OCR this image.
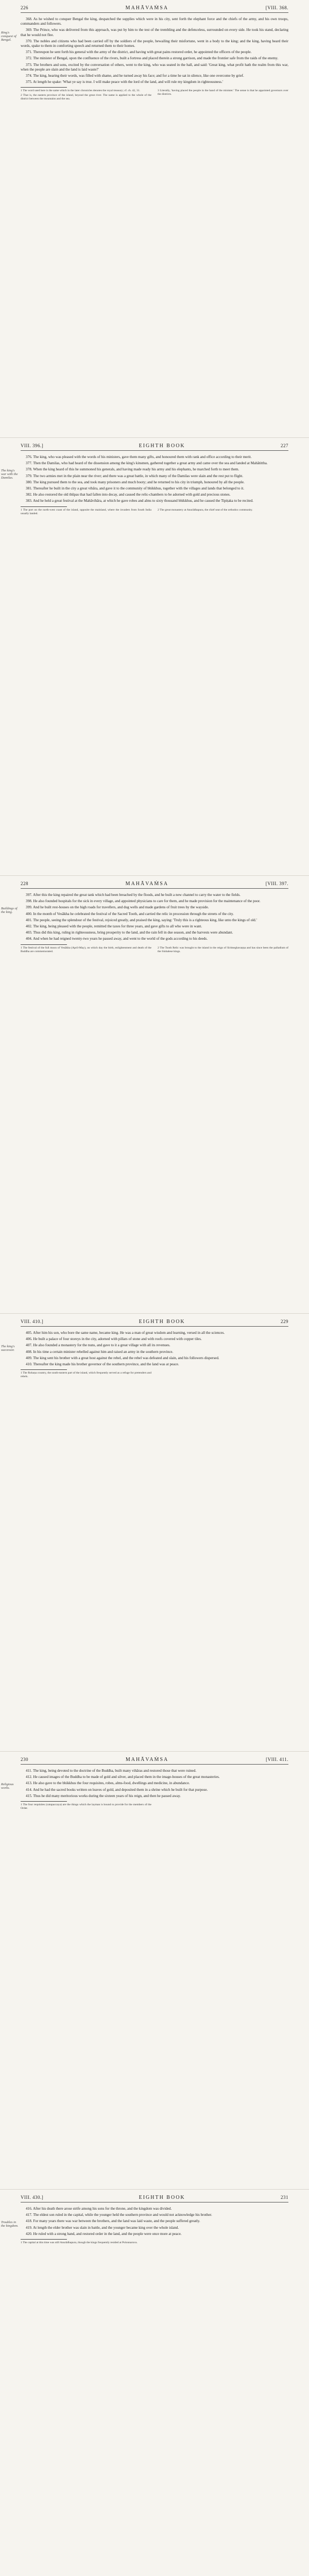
226	MAHĀVAṀSA	[VIII. 368.
Ring's conquest of Bengal.

368. As he wished to conquer Bengal the king, despatched the supplies which were in his city, sent forth the elephant force and the chiefs of the army, and his own troops, commanders and followers.

369. The Prince, who was delivered from this approach, was put by him to the test of the trembling and the defenceless, surrounded on every side. He took his stand, declaring that he would not flee.

370. The nobles and citizens who had been carried off by the soldiers of the people, bewailing their misfortune, went in a body to the king; and the king, having heard their words, spake to them in comforting speech and returned them to their homes.

371. Thereupon he sent forth his general with the army of the district, and having with great pains restored order, he appointed the officers of the people.

372. The minister of Bengal, upon the confluence of the rivers, built a fortress and placed therein a strong garrison, and made the frontier safe from the raids of the enemy.

373. The brothers and sons, excited by the conversation of others, went to the king, who was seated in the hall, and said: 'Great king, what profit hath the realm from this war, when the people are slain and the land is laid waste?'

374. The king, hearing their words, was filled with shame, and he turned away his face; and for a time he sat in silence, like one overcome by grief.

375. At length he spake: 'What ye say is true. I will make peace with the lord of the land, and will rule my kingdom in righteousness.'

1 The word used here is the same which in the later chronicles denotes the royal treasury; cf. ch. 42, 31.

2 That is, the eastern province of the island, beyond the great river. The name is applied to the whole of the district between the mountains and the sea.

3 Literally, 'having placed the people in the hand of the minister.' The sense is that he appointed governors over the districts.

VIII. 396.]	EIGHTH BOOK	227
The king's war with the Damilas.

376. The king, who was pleased with the words of his ministers, gave them many gifts, and honoured them with rank and office according to their merit.

377. Then the Damilas, who had heard of the dissension among the king's kinsmen, gathered together a great army and came over the sea and landed at Mahātittha.

378. When the king heard of this he summoned his generals, and having made ready his army and his elephants, he marched forth to meet them.

379. The two armies met in the plain near the river; and there was a great battle, in which many of the Damilas were slain and the rest put to flight.

380. The king pursued them to the sea, and took many prisoners and much booty; and he returned to his city in triumph, honoured by all the people.

381. Thereafter he built in the city a great vihāra, and gave it to the community of bhikkhus, together with the villages and lands that belonged to it.

382. He also restored the old thūpas that had fallen into decay, and caused the relic-chambers to be adorned with gold and precious stones.

383. And he held a great festival at the Mahāvihāra, at which he gave robes and alms to sixty thousand bhikkhus, and he caused the Tipiṭaka to be recited.

1 The port on the north-west coast of the island, opposite the mainland, where the invaders from South India usually landed.

2 The great monastery at Anurādhapura, the chief seat of the orthodox community.

228	MAHĀVAṀSA	[VIII. 397.
Buildings of the king.

397. After this the king repaired the great tank which had been breached by the floods, and he built a new channel to carry the water to the fields.

398. He also founded hospitals for the sick in every village, and appointed physicians to care for them, and he made provision for the maintenance of the poor.

399. And he built rest-houses on the high roads for travellers, and dug wells and made gardens of fruit trees by the wayside.

400. In the month of Vesākha he celebrated the festival of the Sacred Tooth, and carried the relic in procession through the streets of the city.

401. The people, seeing the splendour of the festival, rejoiced greatly, and praised the king, saying: 'Truly this is a righteous king, like unto the kings of old.'

402. The king, being pleased with the people, remitted the taxes for three years, and gave gifts to all who were in want.

403. Thus did this king, ruling in righteousness, bring prosperity to the land, and the rain fell in due season, and the harvests were abundant.

404. And when he had reigned twenty-two years he passed away, and went to the world of the gods according to his deeds.

1 The festival of the full moon of Vesākha (April-May), on which day the birth, enlightenment and death of the Buddha are commemorated.

2 The Tooth Relic was brought to the island in the reign of Sirimeghavaṇṇa and has since been the palladium of the Sinhalese kings.

VIII. 410.]	EIGHTH BOOK	229
The king's successor.

405. After him his son, who bore the same name, became king. He was a man of great wisdom and learning, versed in all the sciences.

406. He built a palace of four storeys in the city, adorned with pillars of stone and with roofs covered with copper tiles.

407. He also founded a monastery for the nuns, and gave to it a great village with all its revenues.

408. In his time a certain minister rebelled against him and raised an army in the southern province.

409. The king sent his brother with a great host against the rebel, and the rebel was defeated and slain, and his followers dispersed.

410. Thereafter the king made his brother governor of the southern province, and the land was at peace.

1 The Rohaṇa country, the south-eastern part of the island, which frequently served as a refuge for pretenders and rebels.

230	MAHĀVAṀSA	[VIII. 411.
Religious works.

411. The king, being devoted to the doctrine of the Buddha, built many vihāras and restored those that were ruined.

412. He caused images of the Buddha to be made of gold and silver, and placed them in the image-houses of the great monasteries.

413. He also gave to the bhikkhus the four requisites, robes, alms-food, dwellings and medicine, in abundance.

414. And he had the sacred books written on leaves of gold, and deposited them in a shrine which he built for that purpose.

415. Thus he did many meritorious works during the sixteen years of his reign, and then he passed away.

1 The four requisites (catupaccaya) are the things which the layman is bound to provide for the members of the Order.

VIII. 430.]	EIGHTH BOOK	231
Troubles in the kingdom.

416. After his death there arose strife among his sons for the throne, and the kingdom was divided.

417. The eldest son ruled in the capital, while the younger held the southern province and would not acknowledge his brother.

418. For many years there was war between the brothers, and the land was laid waste, and the people suffered greatly.

419. At length the elder brother was slain in battle, and the younger became king over the whole island.

420. He ruled with a strong hand, and restored order in the land, and the people were once more at peace.

1 The capital at this time was still Anurādhapura, though the kings frequently resided at Polonnaruva.
